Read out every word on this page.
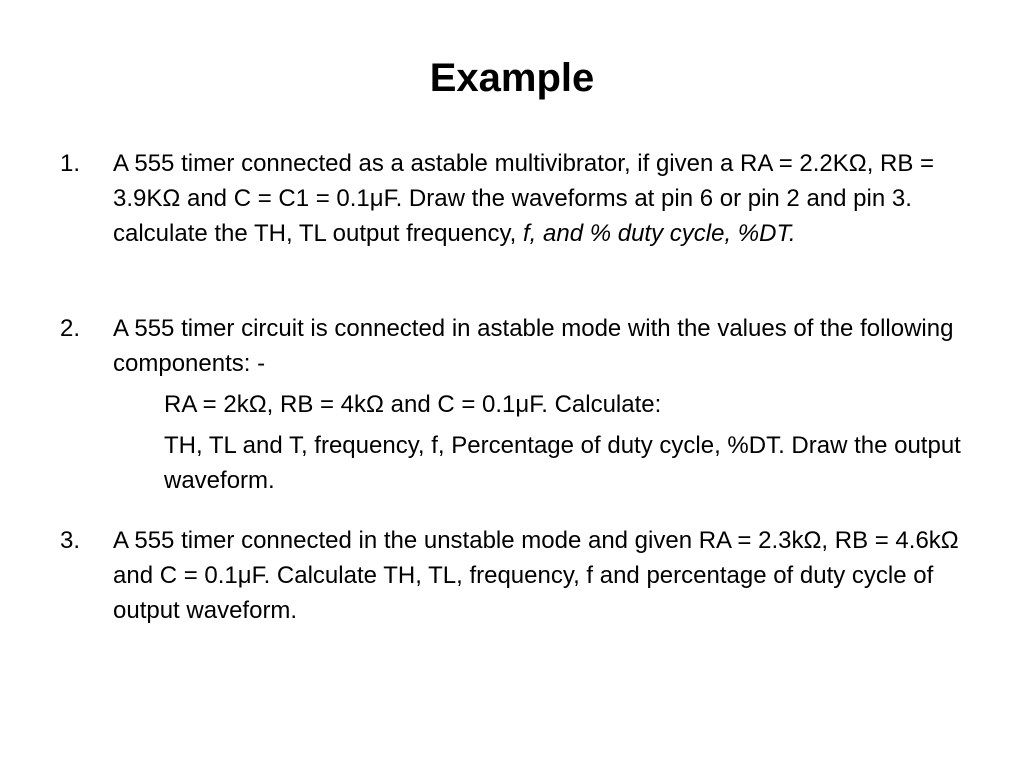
Example
1.	A 555 timer connected as a astable multivibrator, if given a RA = 2.2KΩ, RB = 3.9KΩ and C = C1 = 0.1μF. Draw the waveforms at pin 6 or pin 2 and pin 3. calculate the TH, TL output frequency, f, and % duty cycle, %DT.
2.	A 555 timer circuit is connected in astable mode with the values of the following components: -
RA = 2kΩ, RB = 4kΩ and C = 0.1μF. Calculate:
TH, TL and T, frequency, f, Percentage of duty cycle, %DT. Draw the output waveform.
3.	A 555 timer connected in the unstable mode and given RA = 2.3kΩ, RB = 4.6kΩ and C = 0.1μF. Calculate TH, TL, frequency, f and percentage of duty cycle of output waveform.
